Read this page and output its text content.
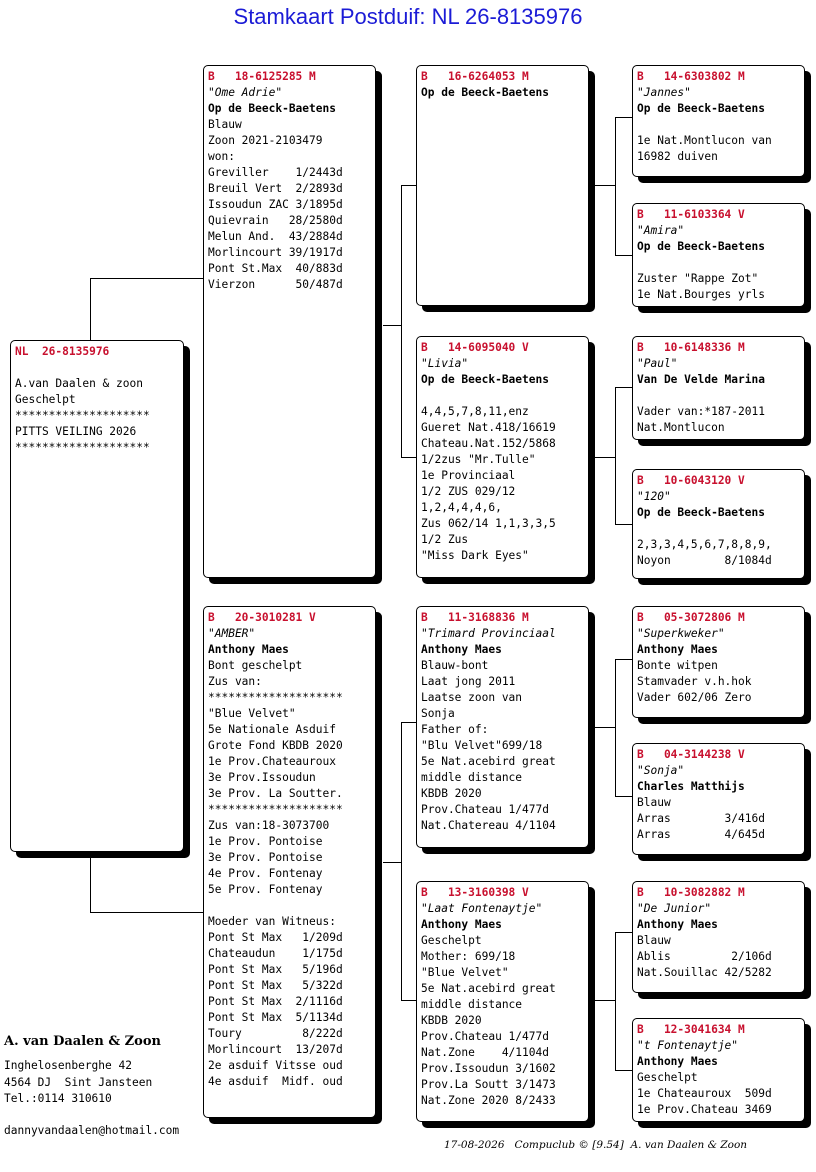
Stamkaart Postduif: NL 26-8135976
NL  26-8135976
A.van Daalen & zoon
Geschelpt
********************
PITTS VEILING 2026
********************
B   18-6125285 M
"Ome Adrie"
Op de Beeck-Baetens
Blauw
Zoon 2021-2103479
won:
Greviller    1/2443d
Breuil Vert  2/2893d
Issoudun ZAC 3/1895d
Quievrain   28/2580d
Melun And.  43/2884d
Morlincourt 39/1917d
Pont St.Max  40/883d
Vierzon      50/487d
B   20-3010281 V
"AMBER"
Anthony Maes
Bont geschelpt
Zus van:
********************
"Blue Velvet"
5e Nationale Asduif
Grote Fond KBDB 2020
1e Prov.Chateauroux
3e Prov.Issoudun
3e Prov. La Soutter.
********************
Zus van:18-3073700
1e Prov. Pontoise
3e Prov. Pontoise
4e Prov. Fontenay
5e Prov. Fontenay
Moeder van Witneus:
Pont St Max   1/209d
Chateaudun    1/175d
Pont St Max   5/196d
Pont St Max   5/322d
Pont St Max  2/1116d
Pont St Max  5/1134d
Toury         8/222d
Morlincourt  13/207d
2e asduif Vitsse oud
4e asduif  Midf. oud
B   16-6264053 M
Op de Beeck-Baetens
B   14-6095040 V
"Livia"
Op de Beeck-Baetens
4,4,5,7,8,11,enz
Gueret Nat.418/16619
Chateau.Nat.152/5868
1/2zus "Mr.Tulle"
1e Provinciaal
1/2 ZUS 029/12
1,2,4,4,4,6,
Zus 062/14 1,1,3,3,5
1/2 Zus
"Miss Dark Eyes"
B   11-3168836 M
"Trimard Provinciaal
Anthony Maes
Blauw-bont
Laat jong 2011
Laatse zoon van
Sonja
Father of:
"Blu Velvet"699/18
5e Nat.acebird great
middle distance
KBDB 2020
Prov.Chateau 1/477d
Nat.Chatereau 4/1104
B   13-3160398 V
"Laat Fontenaytje"
Anthony Maes
Geschelpt
Mother: 699/18
"Blue Velvet"
5e Nat.acebird great
middle distance
KBDB 2020
Prov.Chateau 1/477d
Nat.Zone    4/1104d
Prov.Issoudun 3/1602
Prov.La Soutt 3/1473
Nat.Zone 2020 8/2433
B   14-6303802 M
"Jannes"
Op de Beeck-Baetens
1e Nat.Montlucon van
16982 duiven
B   11-6103364 V
"Amira"
Op de Beeck-Baetens
Zuster "Rappe Zot"
1e Nat.Bourges yrls
B   10-6148336 M
"Paul"
Van De Velde Marina
Vader van:*187-2011
Nat.Montlucon
B   10-6043120 V
"120"
Op de Beeck-Baetens
2,3,3,4,5,6,7,8,8,9,
Noyon        8/1084d
B   05-3072806 M
"Superkweker"
Anthony Maes
Bonte witpen
Stamvader v.h.hok
Vader 602/06 Zero
B   04-3144238 V
"Sonja"
Charles Matthijs
Blauw
Arras        3/416d
Arras        4/645d
B   10-3082882 M
"De Junior"
Anthony Maes
Blauw
Ablis         2/106d
Nat.Souillac 42/5282
B   12-3041634 M
"t Fontenaytje"
Anthony Maes
Geschelpt
1e Chateauroux  509d
1e Prov.Chateau 3469
A. van Daalen & Zoon
Inghelosenberghe 42
4564 DJ  Sint Jansteen
Tel.:0114 310610
dannyvandaalen@hotmail.com
17-08-2026   Compuclub © [9.54]  A. van Daalen & Zoon
